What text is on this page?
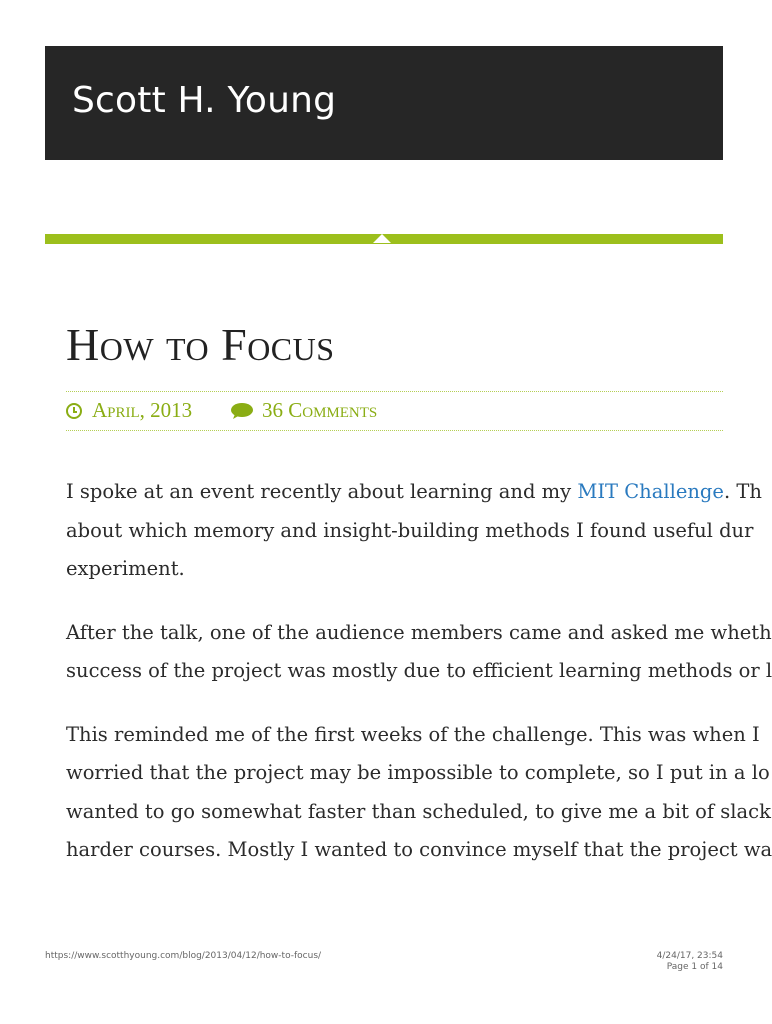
Scott H. Young
How to Focus
April, 2013	36 Comments

I spoke at an event recently about learning and my MIT Challenge. Th
about which memory and insight-building methods I found useful dur
experiment.

After the talk, one of the audience members came and asked me wheth
success of the project was mostly due to efficient learning methods or l

This reminded me of the first weeks of the challenge. This was when I
worried that the project may be impossible to complete, so I put in a lo
wanted to go somewhat faster than scheduled, to give me a bit of slack
harder courses. Mostly I wanted to convince myself that the project wa

https://www.scotthyoung.com/blog/2013/04/12/how-to-focus/	4/24/17, 23:54
Page 1 of 14
